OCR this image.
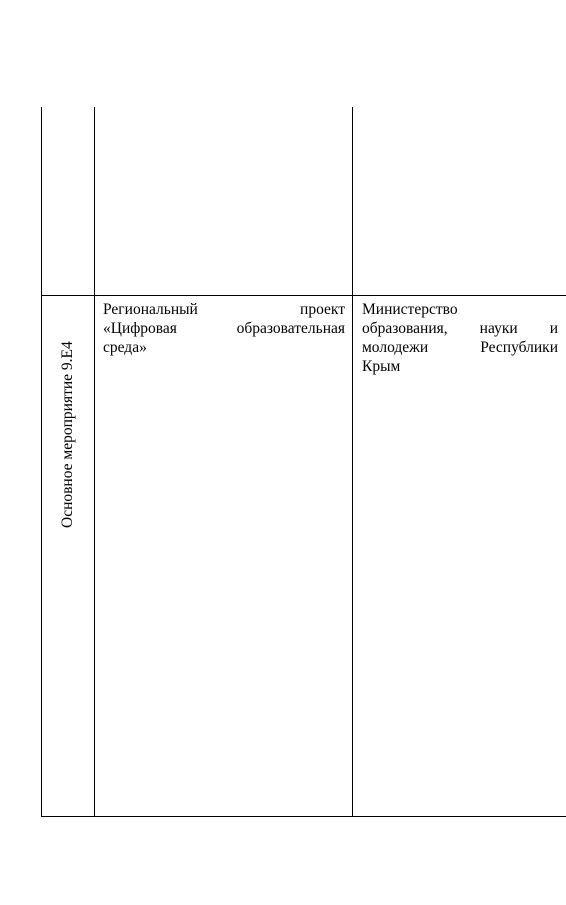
Основное мероприятие 9.Е4
Региональный проект
«Цифровая образовательная
среда»
Министерство
образования, науки и
молодежи Республики
Крым
